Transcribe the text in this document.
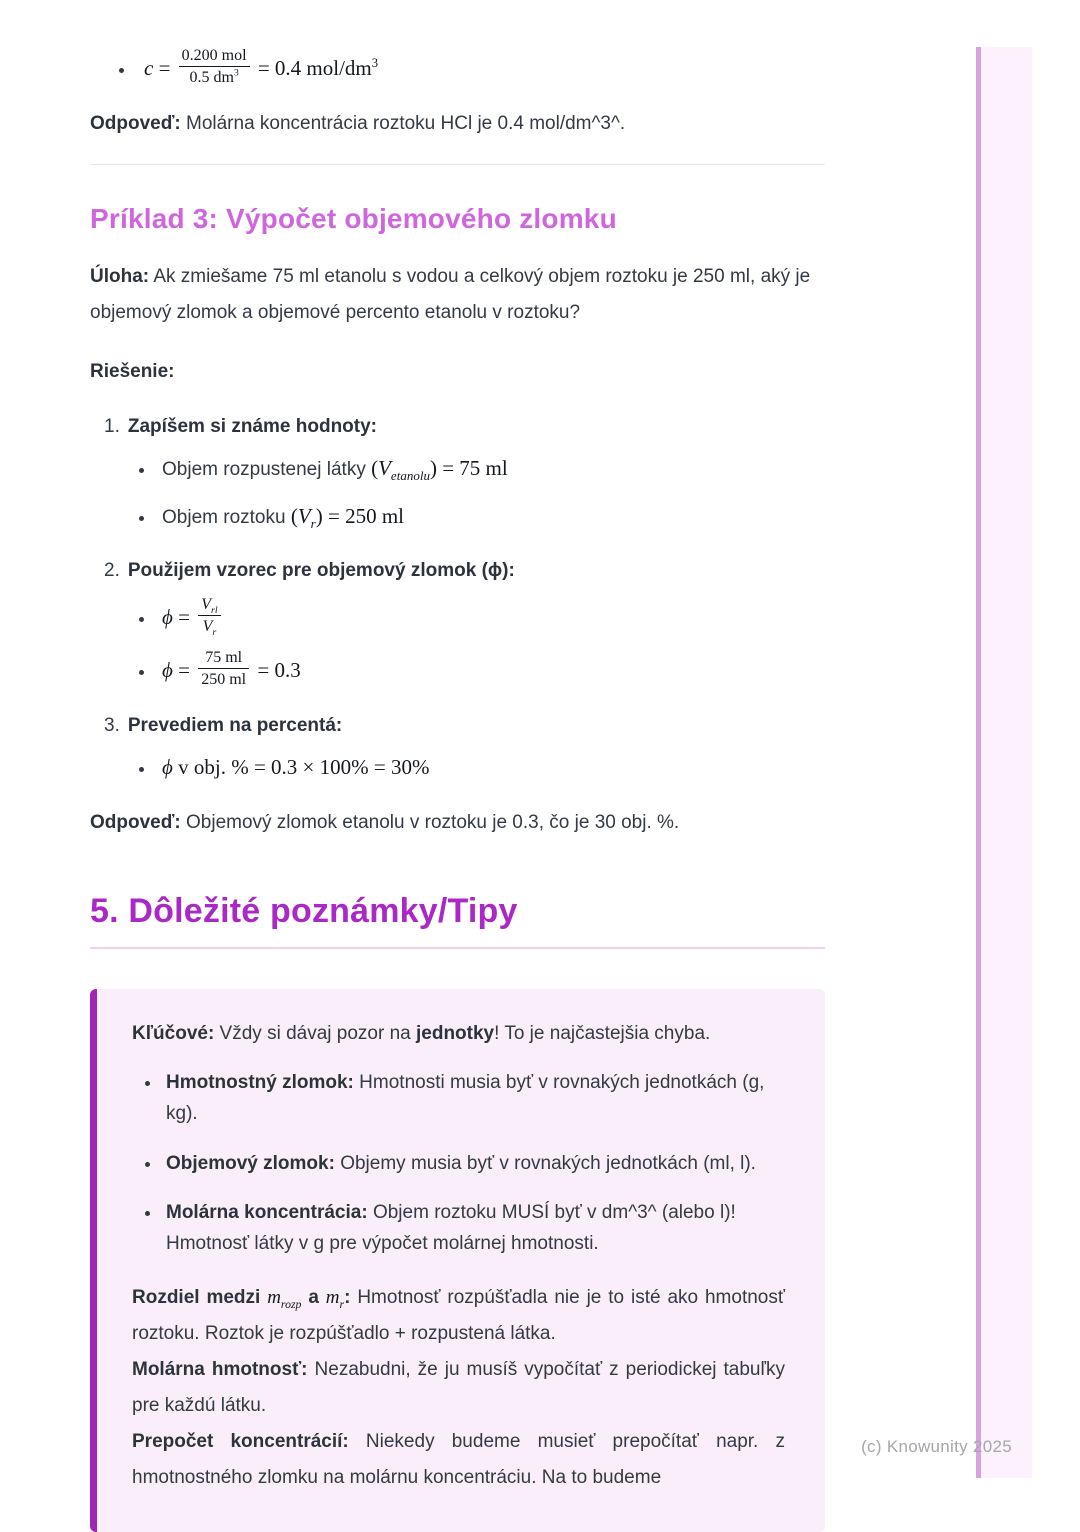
(c) Knowunity 2025
• $c = \frac{\text{0.200 mol}}{0.5 dm^3} = 0.4$ mol/$dm^3$

Odpoveď: Molárna koncentrácia roztoku HCl je 0.4 mol/dm^3^.

Príklad 3: Výpočet objemového zlomku

Úloha: Ak zmiešame 75 ml etanolu s vodou a celkový objem roztoku je 250 ml, aký je objemový zlomok a objemové percento etanolu v roztoku?

Riešenie:

1. Zapíšem si známe hodnoty:
• Objem rozpustenej látky $(V_{etanolu}) = 75$ ml
• Objem roztoku $(V_r) = 250$ ml
2. Použijem vzorec pre objemový zlomok (ϕ):
• $\phi = \frac{V_{rl}}{V_r}$
• $\phi = \frac{75 ml}{250 ml} = 0.3$
3. Prevediem na percentá:
• ϕ v obj. % = 0.3 × 100% = 30%

Odpoveď: Objemový zlomok etanolu v roztoku je 0.3, čo je 30 obj. %.

5. Dôležité poznámky/Tipy

Kľúčové: Vždy si dávaj pozor na jednotky! To je najčastejšia chyba.

• Hmotnostný zlomok: Hmotnosti musia byť v rovnakých jednotkách (g, kg).
• Objemový zlomok: Objemy musia byť v rovnakých jednotkách (ml, l).
• Molárna koncentrácia: Objem roztoku MUSÍ byť v dm^3^ (alebo l)! Hmotnosť látky v g pre výpočet molárnej hmotnosti.

Rozdiel medzi $m_{rozp}$ a $m_r$: Hmotnosť rozpúšťadla nie je to isté ako hmotnosť roztoku. Roztok je rozpúšťadlo + rozpustená látka.

Molárna hmotnosť: Nezabudni, že ju musíš vypočítať z periodickej tabuľky pre každú látku.

Prepočet koncentrácií: Niekedy budeme musieť prepočítať napr. z hmotnostného zlomku na molárnu koncentráciu. Na to budeme
